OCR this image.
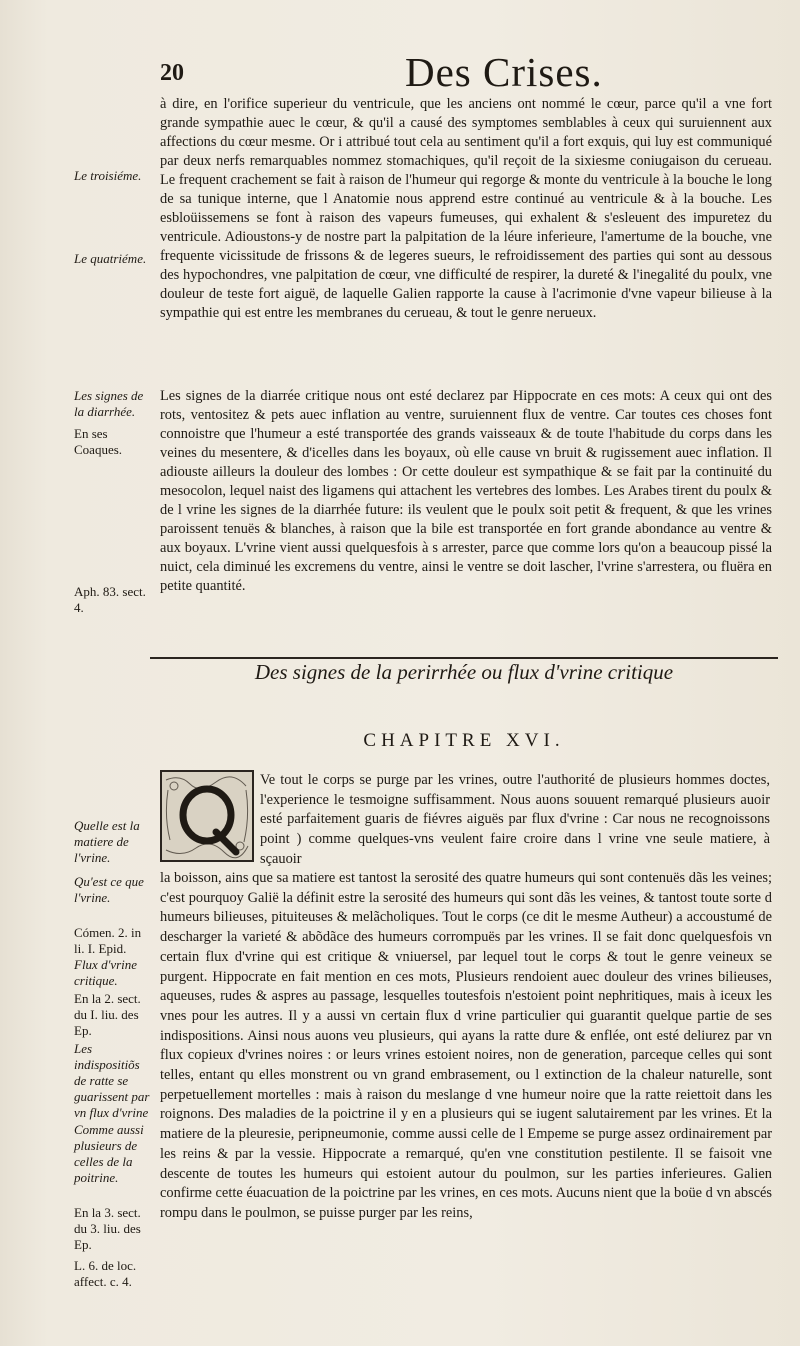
20	Des Crises.

à dire, en l'orifice superieur du ventricule, que les anciens ont nommé le cœur, parce qu'il a vne fort grande sympathie auec le cœur, & qu'il a causé des symptomes semblables à ceux qui suruiennent aux affections du cœur mesme. Or i attribué tout cela au sentiment qu'il a fort exquis, qui luy est communiqué par deux nerfs remarquables nommez stomachiques, qu'il reçoit de la sixiesme coniugaison du cerueau. Le frequent crachement se fait à raison de l'humeur qui regorge & monte du ventricule à la bouche le long de sa tunique interne, que l Anatomie nous apprend estre continué au ventricule & à la bouche. Les esbloüissemens se font à raison des vapeurs fumeuses, qui exhalent & s'esleuent des impuretez du ventricule. Adioustons-y de nostre part la palpitation de la léure inferieure, l'amertume de la bouche, vne frequente vicissitude de frissons & de legeres sueurs, le refroidissement des parties qui sont au dessous des hypochondres, vne palpitation de cœur, vne difficulté de respirer, la dureté & l'inegalité du poulx, vne douleur de teste fort aiguë, de laquelle Galien rapporte la cause à l'acrimonie d'vne vapeur bilieuse à la sympathie qui est entre les membranes du cerueau, & tout le genre nerueux.

Les signes de la diarrée critique nous ont esté declarez par Hippocrate en ces mots: A ceux qui ont des rots, ventositez & pets auec inflation au ventre, suruiennent flux de ventre. Car toutes ces choses font connoistre que l'humeur a esté transportée des grands vaisseaux & de toute l'habitude du corps dans les veines du mesentere, & d'icelles dans les boyaux, où elle cause vn bruit & rugissement auec inflation. Il adiouste ailleurs la douleur des lombes : Or cette douleur est sympathique & se fait par la continuité du mesocolon, lequel naist des ligamens qui attachent les vertebres des lombes. Les Arabes tirent du poulx & de l vrine les signes de la diarrhée future: ils veulent que le poulx soit petit & frequent, & que les vrines paroissent tenuës & blanches, à raison que la bile est transportée en fort grande abondance au ventre & aux boyaux. L'vrine vient aussi quelquesfois à s arrester, parce que comme lors qu'on a beaucoup pissé la nuict, cela diminué les excremens du ventre, ainsi le ventre se doit lascher, l'vrine s'arrestera, ou fluëra en petite quantité.

Le troisiéme.
Le quatriéme.
Les signes de la diarrhée.
En ses Coaques.
Aph. 83. sect. 4.
Des signes de la perirrhée ou flux d'vrine critique
CHAPITRE XVI.

Ve tout le corps se purge par les vrines, outre l'authorité de plusieurs hommes doctes, l'experience le tesmoigne suffisamment. Nous auons souuent remarqué plusieurs auoir esté parfaitement guaris de fiévres aiguës par flux d'vrine : Car nous ne recognoissons point ) comme quelques-vns veulent faire croire dans l vrine vne seule matiere, à sçauoir

la boisson, ains que sa matiere est tantost la serosité des quatre humeurs qui sont contenuës dãs les veines; c'est pourquoy Galië la définit estre la serosité des humeurs qui sont dãs les veines, & tantost toute sorte d humeurs bilieuses, pituiteuses & melãcholiques. Tout le corps (ce dit le mesme Autheur) a accoustumé de descharger la varieté & abõdãce des humeurs corrompuës par les vrines. Il se fait donc quelquesfois vn certain flux d'vrine qui est critique & vniuersel, par lequel tout le corps & tout le genre veineux se purgent. Hippocrate en fait mention en ces mots, Plusieurs rendoient auec douleur des vrines bilieuses, aqueuses, rudes & aspres au passage, lesquelles toutesfois n'estoient point nephritiques, mais à iceux les vnes pour les autres. Il y a aussi vn certain flux d vrine particulier qui guarantit quelque partie de ses indispositions. Ainsi nous auons veu plusieurs, qui ayans la ratte dure & enflée, ont esté deliurez par vn flux copieux d'vrines noires : or leurs vrines estoient noires, non de generation, parceque celles qui sont telles, entant qu elles monstrent ou vn grand embrasement, ou l extinction de la chaleur naturelle, sont perpetuellement mortelles : mais à raison du meslange d vne humeur noire que la ratte reiettoit dans les roignons. Des maladies de la poictrine il y en a plusieurs qui se iugent salutairement par les vrines. Et la matiere de la pleuresie, peripneumonie, comme aussi celle de l Empeme se purge assez ordinairement par les reins & par la vessie. Hippocrate a remarqué, qu'en vne constitution pestilente. Il se faisoit vne descente de toutes les humeurs qui estoient autour du poulmon, sur les parties inferieures. Galien confirme cette éuacuation de la poictrine par les vrines, en ces mots. Aucuns nient que la boüe d vn abscés rompu dans le poulmon, se puisse purger par les reins,

Quelle est la matiere de l'vrine.
Qu'est ce que l'vrine.
Cómen. 2. in li. I. Epid.
Flux d'vrine critique.
En la 2. sect. du I. liu. des Ep.
Les indispositiõs de ratte se guarissent par vn flux d'vrine
Comme aussi plusieurs de celles de la poitrine.
En la 3. sect. du 3. liu. des Ep.
L. 6. de loc. affect. c. 4.
